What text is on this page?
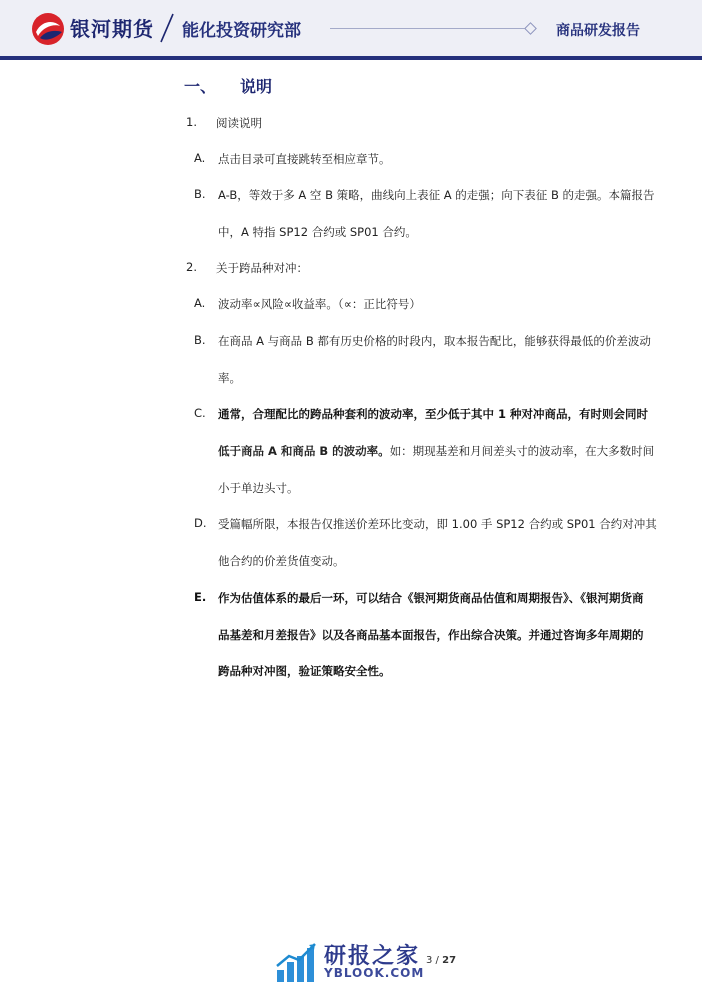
银河期货 能化投资研究部	商品研发报告
一、 说明
1. 阅读说明
A. 点击目录可直接跳转至相应章节。
B. A-B，等效于多 A 空 B 策略，曲线向上表征 A 的走强；向下表征 B 的走强。本篇报告
中，A 特指 SP12 合约或 SP01 合约。
2. 关于跨品种对冲：
A. 波动率∝风险∝收益率。（∝：正比符号）
B. 在商品 A 与商品 B 都有历史价格的时段内，取本报告配比，能够获得最低的价差波动
率。
C. 通常，合理配比的跨品种套利的波动率，至少低于其中 1 种对冲商品，有时则会同时
低于商品 A 和商品 B 的波动率。如：期现基差和月间差头寸的波动率，在大多数时间
小于单边头寸。
D. 受篇幅所限，本报告仅推送价差环比变动，即 1.00 手 SP12 合约或 SP01 合约对冲其
他合约的价差货值变动。
E. 作为估值体系的最后一环，可以结合《银河期货商品估值和周期报告》、《银河期货商
品基差和月差报告》以及各商品基本面报告，作出综合决策。并通过咨询多年周期的
跨品种对冲图，验证策略安全性。
研报之家
YBLOOK.COM
3 / 27
